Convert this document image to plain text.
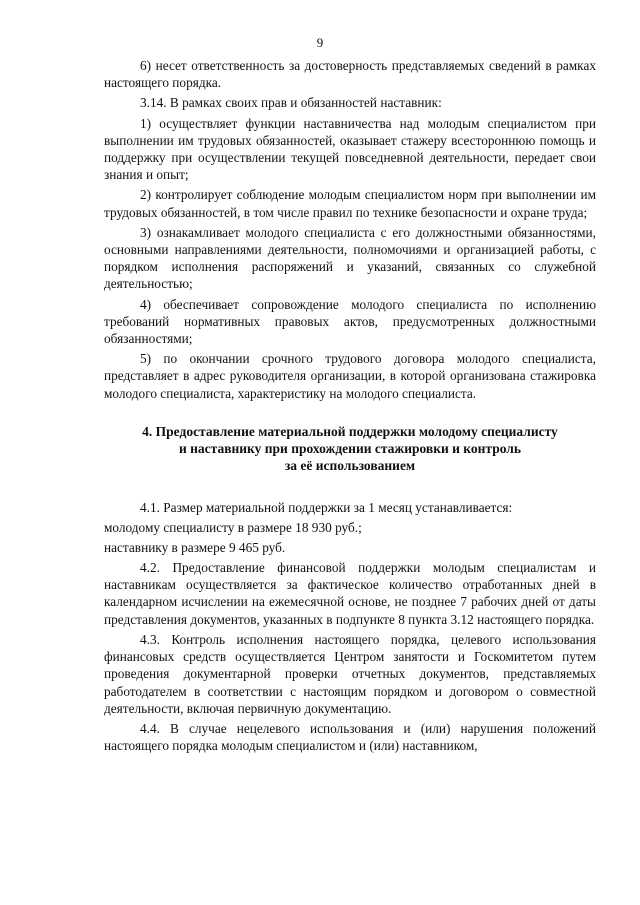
9

6) несет ответственность за достоверность представляемых сведений в рамках настоящего порядка.

3.14. В рамках своих прав и обязанностей наставник:

1) осуществляет функции наставничества над молодым специалистом при выполнении им трудовых обязанностей, оказывает стажеру всестороннюю помощь и поддержку при осуществлении текущей повседневной деятельности, передает свои знания и опыт;

2) контролирует соблюдение молодым специалистом норм при выполнении им трудовых обязанностей, в том числе правил по технике безопасности и охране труда;

3) ознакамливает молодого специалиста с его должностными обязанностями, основными направлениями деятельности, полномочиями и организацией работы, с порядком исполнения распоряжений и указаний, связанных со служебной деятельностью;

4) обеспечивает сопровождение молодого специалиста по исполнению требований нормативных правовых актов, предусмотренных должностными обязанностями;

5) по окончании срочного трудового договора молодого специалиста, представляет в адрес руководителя организации, в которой организована стажировка молодого специалиста, характеристику на молодого специалиста.

4. Предоставление материальной поддержки молодому специалисту
и наставнику при прохождении стажировки и контроль
за её использованием

4.1. Размер материальной поддержки за 1 месяц устанавливается:

молодому специалисту в размере 18 930 руб.;

наставнику в размере 9 465 руб.

4.2. Предоставление финансовой поддержки молодым специалистам и наставникам осуществляется за фактическое количество отработанных дней в календарном исчислении на ежемесячной основе, не позднее 7 рабочих дней от даты представления документов, указанных в подпункте 8 пункта 3.12 настоящего порядка.

4.3. Контроль исполнения настоящего порядка, целевого использования финансовых средств осуществляется Центром занятости и Госкомитетом путем проведения документарной проверки отчетных документов, представляемых работодателем в соответствии с настоящим порядком и договором о совместной деятельности, включая первичную документацию.

4.4. В случае нецелевого использования и (или) нарушения положений настоящего порядка молодым специалистом и (или) наставником,
